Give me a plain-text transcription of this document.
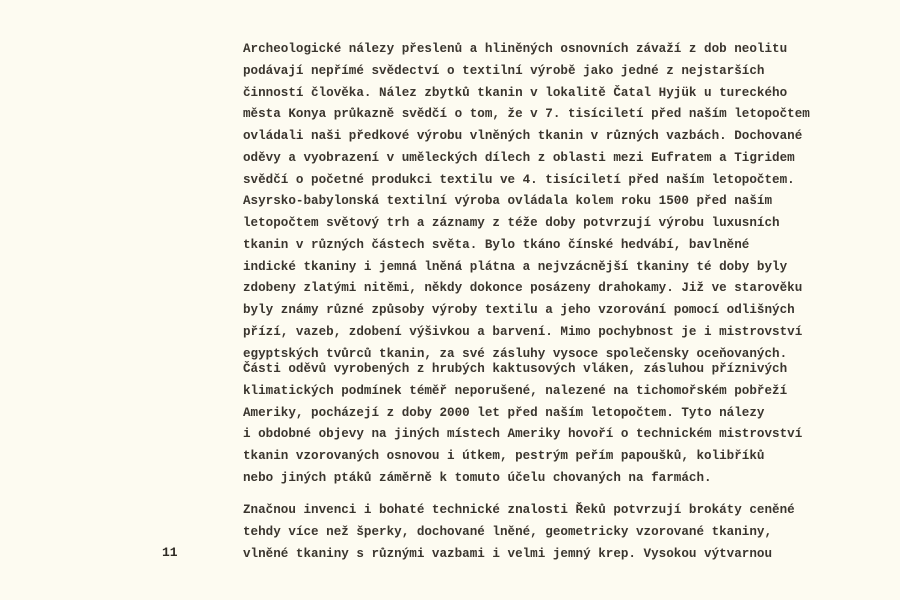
Archeologické nálezy přeslenů a hliněných osnovních závaží z dob neolitu
podávají nepřímé svědectví o textilní výrobě jako jedné z nejstarších
činností člověka. Nález zbytků tkanin v lokalitě Čatal Hyjük u tureckého
města Konya průkazně svědčí o tom, že v 7. tisíciletí před naším letopočtem
ovládali naši předkové výrobu vlněných tkanin v různých vazbách. Dochované
oděvy a vyobrazení v uměleckých dílech z oblasti mezi Eufratem a Tigridem
svědčí o početné produkci textilu ve 4. tisíciletí před naším letopočtem.
Asyrsko-babylonská textilní výroba ovládala kolem roku 1500 před naším
letopočtem světový trh a záznamy z téže doby potvrzují výrobu luxusních
tkanin v různých částech světa. Bylo tkáno čínské hedvábí, bavlněné
indické tkaniny i jemná lněná plátna a nejvzácnější tkaniny té doby byly
zdobeny zlatými nitěmi, někdy dokonce posázeny drahokamy. Již ve starověku
byly známy různé způsoby výroby textilu a jeho vzorování pomocí odlišných
přízí, vazeb, zdobení výšivkou a barvení. Mimo pochybnost je i mistrovství
egyptských tvůrců tkanin, za své zásluhy vysoce společensky oceňovaných.
Části oděvů vyrobených z hrubých kaktusových vláken, zásluhou příznivých
klimatických podmínek téměř neporušené, nalezené na tichomořském pobřeží
Ameriky, pocházejí z doby 2000 let před naším letopočtem. Tyto nálezy
i obdobné objevy na jiných místech Ameriky hovoří o technickém mistrovství
tkanin vzorovaných osnovou i útkem, pestrým peřím papoušků, kolibříků
nebo jiných ptáků záměrně k tomuto účelu chovaných na farmách.
Značnou invenci i bohaté technické znalosti Řeků potvrzují brokáty ceněné
tehdy více než šperky, dochované lněné, geometricky vzorované tkaniny,
vlněné tkaniny s různými vazbami i velmi jemný krep. Vysokou výtvarnou
11
